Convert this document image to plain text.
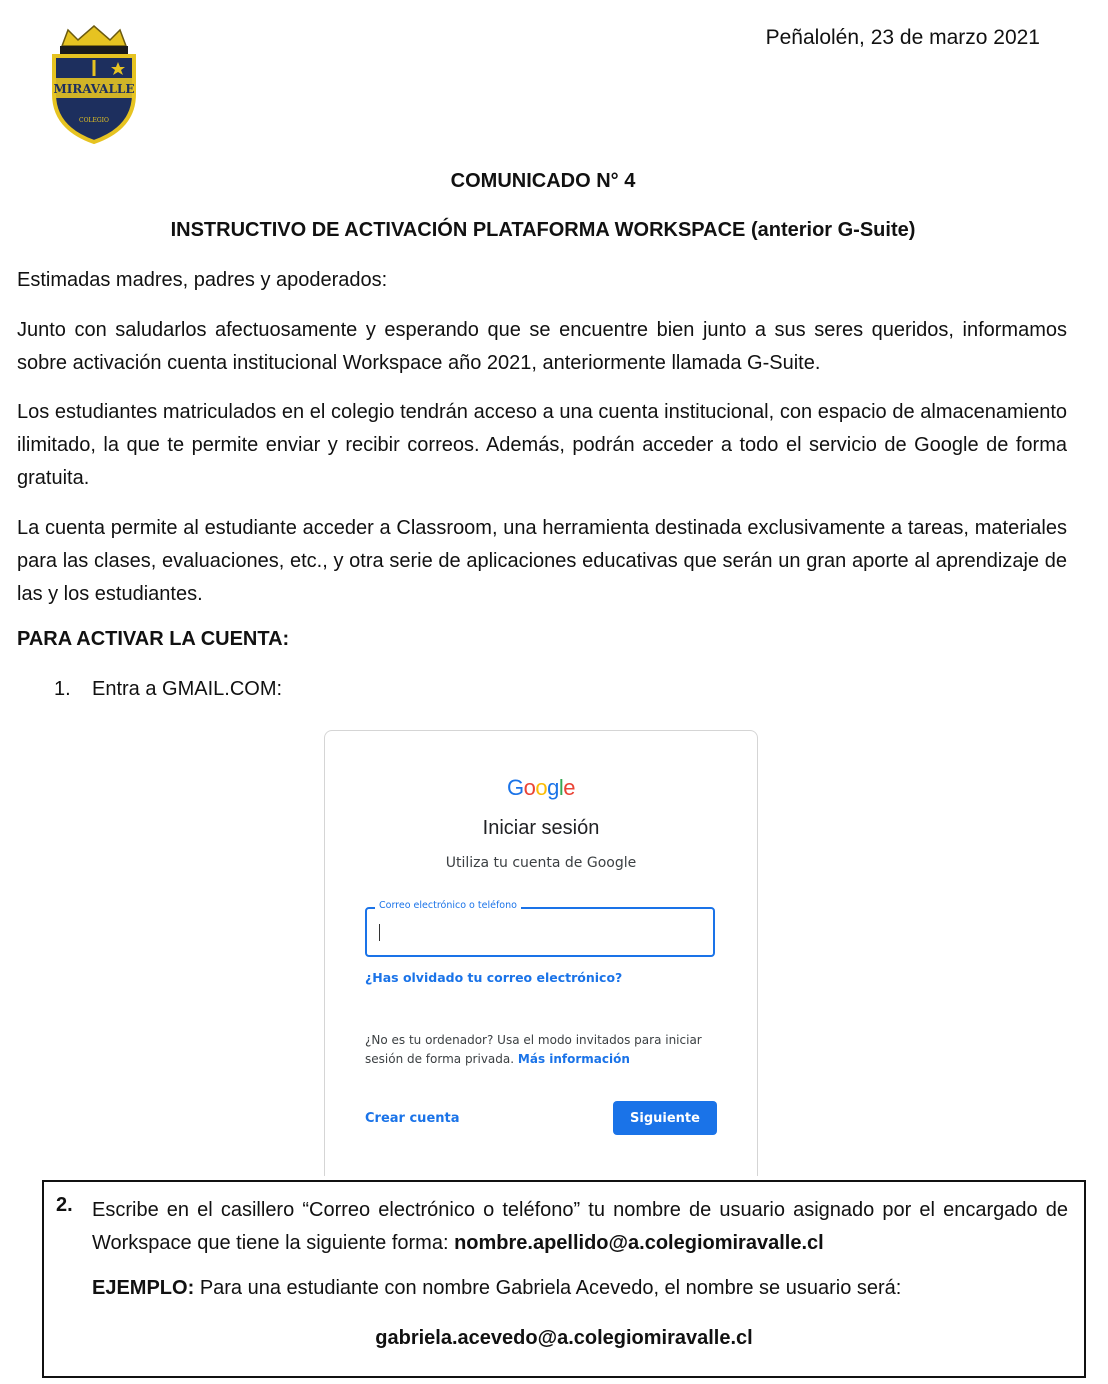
MIRAVALLE
COLEGIO
Peñalolén, 23 de marzo 2021
COMUNICADO N° 4
INSTRUCTIVO DE ACTIVACIÓN PLATAFORMA WORKSPACE (anterior G-Suite)

Estimadas madres, padres y apoderados:

Junto con saludarlos afectuosamente y esperando que se encuentre bien junto a sus seres queridos, informamos sobre activación cuenta institucional Workspace año 2021, anteriormente llamada G-Suite.

Los estudiantes matriculados en el colegio tendrán acceso a una cuenta institucional, con espacio de almacenamiento ilimitado, la que te permite enviar y recibir correos. Además, podrán acceder a todo el servicio de Google de forma gratuita.

La cuenta permite al estudiante acceder a Classroom, una herramienta destinada exclusivamente a tareas, materiales para las clases, evaluaciones, etc., y otra serie de aplicaciones educativas que serán un gran aporte al aprendizaje de las y los estudiantes.

PARA ACTIVAR LA CUENTA:
1. Entra a GMAIL.COM:
Google
Iniciar sesión
Utiliza tu cuenta de Google
Correo electrónico o teléfono
¿Has olvidado tu correo electrónico?
¿No es tu ordenador? Usa el modo invitados para iniciar sesión de forma privada. Más información
Crear cuenta	Siguiente
2. Escribe en el casillero “Correo electrónico o teléfono” tu nombre de usuario asignado por el encargado de Workspace que tiene la siguiente forma: nombre.apellido@a.colegiomiravalle.cl

EJEMPLO: Para una estudiante con nombre Gabriela Acevedo, el nombre se usuario será:
gabriela.acevedo@a.colegiomiravalle.cl
